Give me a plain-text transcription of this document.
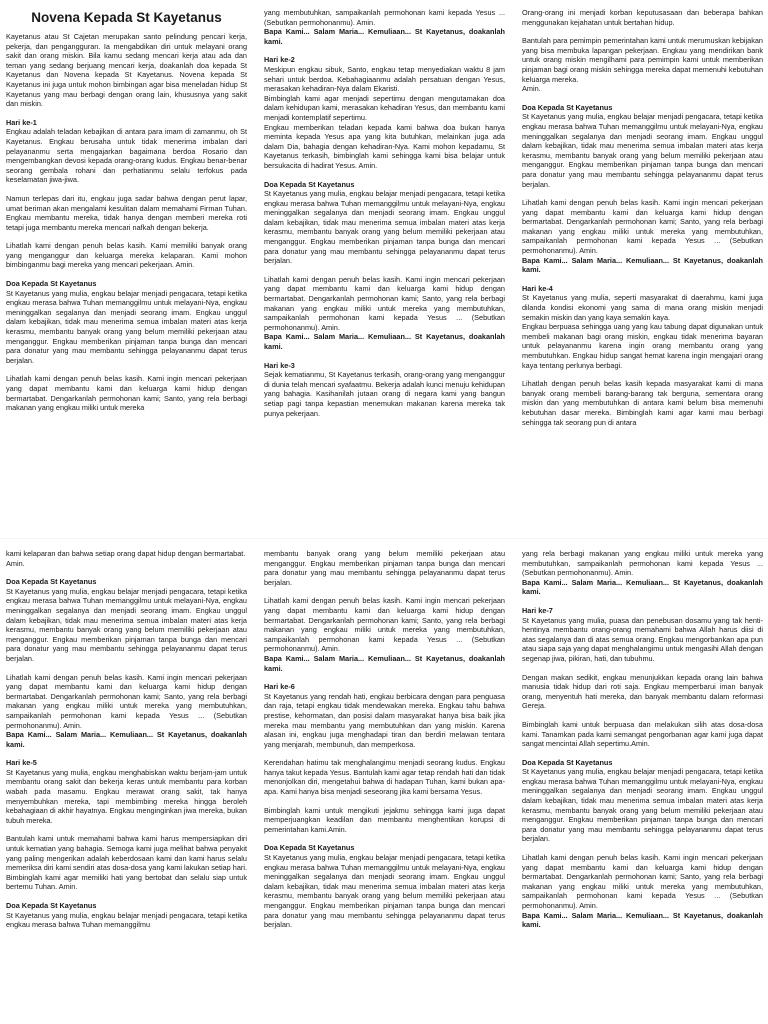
Novena Kepada St Kayetanus

Kayetanus atau St Cajetan merupakan santo pelindung pencari kerja, pekerja, dan pengangguran. Ia mengabdikan diri untuk melayani orang sakit dan orang miskin. Bila kamu sedang mencari kerja atau ada dan teman yang sedang berjuang mencari kerja, doakanlah doa kepada St Kayetanus dan Novena kepada St Kayetanus. Novena kepada St Kayetanus ini juga untuk mohon bimbingan agar bisa meneladan hidup St Kayetanus yang mau berbagi dengan orang lain, khususnya yang sakit dan miskin.

Hari ke-1

Engkau adalah teladan kebajikan di antara para imam di zamanmu, oh St Kayetanus. Engkau berusaha untuk tidak menerima imbalan dari pelayananmu serta mengajarkan bagaimana berdoa Rosario dan mengembangkan devosi kepada orang-orang kudus. Engkau benar-benar seorang gembala rohani dan perhatianmu selalu terfokus pada keselamatan jiwa-jiwa.

Namun terlepas dari itu, engkau juga sadar bahwa dengan perut lapar, umat beriman akan mengalami kesulitan dalam memahami Firman Tuhan. Engkau membantu mereka, tidak hanya dengan memberi mereka roti tetapi juga membantu mereka mencari nafkah dengan bekerja.

Lihatlah kami dengan penuh belas kasih. Kami memiliki banyak orang yang menganggur dan keluarga mereka kelaparan. Kami mohon bimbinganmu bagi mereka yang mencari pekerjaan. Amin.

Doa Kepada St Kayetanus

St Kayetanus yang mulia, engkau belajar menjadi pengacara, tetapi ketika engkau merasa bahwa Tuhan memanggilmu untuk melayani-Nya, engkau meninggalkan segalanya dan menjadi seorang imam. Engkau unggul dalam kebajikan, tidak mau menerima semua imbalan materi atas kerja kerasmu, membantu banyak orang yang belum memiliki pekerjaan atau menganggur. Engkau memberikan pinjaman tanpa bunga dan mencari para donatur yang mau membantu sehingga pelayananmu dapat terus berjalan.

Lihatlah kami dengan penuh belas kasih. Kami ingin mencari pekerjaan yang dapat membantu kami dan keluarga kami hidup dengan bermartabat. Dengarkanlah permohonan kami; Santo, yang rela berbagi makanan yang engkau miliki untuk mereka

yang membutuhkan, sampaikanlah permohonan kami kepada Yesus ... (Sebutkan permohonanmu). Amin.

Bapa Kami... Salam Maria... Kemuliaan... St Kayetanus, doakanlah kami.

Hari ke-2

Meskipun engkau sibuk, Santo, engkau tetap menyediakan waktu 8 jam sehari untuk berdoa. Kebahagiaanmu adalah persatuan dengan Yesus, merasakan kehadiran-Nya dalam Ekaristi.

Bimbinglah kami agar menjadi sepertimu dengan mengutamakan doa dalam kehidupan kami, merasakan kehadiran Yesus, dan membantu kami menjadi kontemplatif sepertimu.

Engkau memberikan teladan kepada kami bahwa doa bukan hanya meminta kepada Yesus apa yang kita butuhkan, melainkan juga ada dalam Dia, bahagia dengan kehadiran-Nya. Kami mohon kepadamu, St Kayetanus terkasih, bimbinglah kami sehingga kami bisa belajar untuk bersukacita di hadirat Yesus. Amin.

Doa Kepada St Kayetanus

St Kayetanus yang mulia, engkau belajar menjadi pengacara, tetapi ketika engkau merasa bahwa Tuhan memanggilmu untuk melayani-Nya, engkau meninggalkan segalanya dan menjadi seorang imam. Engkau unggul dalam kebajikan, tidak mau menerima semua imbalan materi atas kerja kerasmu, membantu banyak orang yang belum memiliki pekerjaan atau menganggur. Engkau memberikan pinjaman tanpa bunga dan mencari para donatur yang mau membantu sehingga pelayananmu dapat terus berjalan.

Lihatlah kami dengan penuh belas kasih. Kami ingin mencari pekerjaan yang dapat membantu kami dan keluarga kami hidup dengan bermartabat. Dengarkanlah permohonan kami; Santo, yang rela berbagi makanan yang engkau miliki untuk mereka yang membutuhkan, sampaikanlah permohonan kami kepada Yesus ... (Sebutkan permohonanmu). Amin.

Bapa Kami... Salam Maria... Kemuliaan... St Kayetanus, doakanlah kami.

Hari ke-3

Sejak kematianmu, St Kayetanus terkasih, orang-orang yang menganggur di dunia telah mencari syafaatmu. Bekerja adalah kunci menuju kehidupan yang bahagia. Kasihanilah jutaan orang di negara kami yang bangun setiap pagi tanpa kepastian menemukan makanan karena mereka tak punya pekerjaan.

Orang-orang ini menjadi korban keputusasaan dan beberapa bahkan menggunakan kejahatan untuk bertahan hidup.

Bantulah para pemimpin pemerintahan kami untuk merumuskan kebijakan yang bisa membuka lapangan pekerjaan. Engkau yang mendirikan bank untuk orang miskin mengilhami para pemimpin kami untuk memberikan pinjaman bagi orang miskin sehingga mereka dapat memenuhi kebutuhan keluarga mereka.

Amin.

Doa Kepada St Kayetanus

St Kayetanus yang mulia, engkau belajar menjadi pengacara, tetapi ketika engkau merasa bahwa Tuhan memanggilmu untuk melayani-Nya, engkau meninggalkan segalanya dan menjadi seorang imam. Engkau unggul dalam kebajikan, tidak mau menerima semua imbalan materi atas kerja kerasmu, membantu banyak orang yang belum memiliki pekerjaan atau menganggur. Engkau memberikan pinjaman tanpa bunga dan mencari para donatur yang mau membantu sehingga pelayananmu dapat terus berjalan.

Lihatlah kami dengan penuh belas kasih. Kami ingin mencari pekerjaan yang dapat membantu kami dan keluarga kami hidup dengan bermartabat. Dengarkanlah permohonan kami; Santo, yang rela berbagi makanan yang engkau miliki untuk mereka yang membutuhkan, sampaikanlah permohonan kami kepada Yesus ... (Sebutkan permohonanmu). Amin.

Bapa Kami... Salam Maria... Kemuliaan... St Kayetanus, doakanlah kami.

Hari ke-4

St Kayetanus yang mulia, seperti masyarakat di daerahmu, kami juga dilanda kondisi ekonomi yang sama di mana orang miskin menjadi semakin miskin dan yang kaya semakin kaya.

Engkau berpuasa sehingga uang yang kau tabung dapat digunakan untuk membeli makanan bagi orang miskin, engkau tidak menerima bayaran untuk pelayananmu karena ingin orang membantu orang yang membutuhkan. Engkau hidup sangat hemat karena ingin mengajari orang kaya tentang perlunya berbagi.

Lihatlah dengan penuh belas kasih kepada masyarakat kami di mana banyak orang membeli barang-barang tak berguna, sementara orang miskin dan yang membutuhkan di antara kami belum bisa memenuhi kebutuhan dasar mereka. Bimbinglah kami agar kami mau berbagi sehingga tak seorang pun di antara

kami kelaparan dan bahwa setiap orang dapat hidup dengan bermartabat.

Amin.

Doa Kepada St Kayetanus

St Kayetanus yang mulia, engkau belajar menjadi pengacara, tetapi ketika engkau merasa bahwa Tuhan memanggilmu untuk melayani-Nya, engkau meninggalkan segalanya dan menjadi seorang imam. Engkau unggul dalam kebajikan, tidak mau menerima semua imbalan materi atas kerja kerasmu, membantu banyak orang yang belum memiliki pekerjaan atau menganggur. Engkau memberikan pinjaman tanpa bunga dan mencari para donatur yang mau membantu sehingga pelayananmu dapat terus berjalan.

Lihatlah kami dengan penuh belas kasih. Kami ingin mencari pekerjaan yang dapat membantu kami dan keluarga kami hidup dengan bermartabat. Dengarkanlah permohonan kami; Santo, yang rela berbagi makanan yang engkau miliki untuk mereka yang membutuhkan, sampaikanlah permohonan kami kepada Yesus ... (Sebutkan permohonanmu). Amin.

Bapa Kami... Salam Maria... Kemuliaan... St Kayetanus, doakanlah kami.

Hari ke-5

St Kayetanus yang mulia, engkau menghabiskan waktu berjam-jam untuk membantu orang sakit dan bekerja keras untuk membantu para korban wabah pada masamu. Engkau merawat orang sakit, tak hanya menyembuhkan mereka, tapi membimbing mereka hingga beroleh kebahagiaan di akhir hayatnya. Engkau menginginkan jiwa mereka, bukan tubuh mereka.

Bantulah kami untuk memahami bahwa kami harus mempersiapkan diri untuk kematian yang bahagia. Semoga kami juga melihat bahwa penyakit yang paling mengerikan adalah keberdosaan kami dan kami harus selalu memeriksa diri kami sendiri atas dosa-dosa yang kami lakukan setiap hari. Bimbinglah kami agar memiliki hati yang bertobat dan selalu siap untuk bertemu Tuhan. Amin.

Doa Kepada St Kayetanus

St Kayetanus yang mulia, engkau belajar menjadi pengacara, tetapi ketika engkau merasa bahwa Tuhan memanggilmu

membantu banyak orang yang belum memiliki pekerjaan atau menganggur. Engkau memberikan pinjaman tanpa bunga dan mencari para donatur yang mau membantu sehingga pelayananmu dapat terus berjalan.

Lihatlah kami dengan penuh belas kasih. Kami ingin mencari pekerjaan yang dapat membantu kami dan keluarga kami hidup dengan bermartabat. Dengarkanlah permohonan kami; Santo, yang rela berbagi makanan yang engkau miliki untuk mereka yang membutuhkan, sampaikanlah permohonan kami kepada Yesus ... (Sebutkan permohonanmu). Amin.

Bapa Kami... Salam Maria... Kemuliaan... St Kayetanus, doakanlah kami.

Hari ke-6

St Kayetanus yang rendah hati, engkau berbicara dengan para penguasa dan raja, tetapi engkau tidak mendewakan mereka. Engkau tahu bahwa prestise, kehormatan, dan posisi dalam masyarakat hanya bisa baik jika mereka mau membantu yang membutuhkan dan yang miskin. Karena alasan ini, engkau juga menghadapi tiran dan berdiri melawan tentara yang menjarah, membunuh, dan memperkosa.

Kerendahan hatimu tak menghalangimu menjadi seorang kudus. Engkau hanya takut kepada Yesus. Bantulah kami agar tetap rendah hati dan tidak menonjolkan diri, mengetahui bahwa di hadapan Tuhan, kami bukan apa-apa. Kami hanya bisa menjadi seseorang jika kami bersama Yesus.

Bimbinglah kami untuk mengikuti jejakmu sehingga kami juga dapat memperjuangkan keadilan dan membantu menghentikan korupsi di pemerintahan kami.Amin.

Doa Kepada St Kayetanus

St Kayetanus yang mulia, engkau belajar menjadi pengacara, tetapi ketika engkau merasa bahwa Tuhan memanggilmu untuk melayani-Nya, engkau meninggalkan segalanya dan menjadi seorang imam. Engkau unggul dalam kebajikan, tidak mau menerima semua imbalan materi atas kerja kerasmu, membantu banyak orang yang belum memiliki pekerjaan atau menganggur. Engkau memberikan pinjaman tanpa bunga dan mencari para donatur yang mau membantu sehingga pelayananmu dapat terus berjalan.

yang rela berbagi makanan yang engkau miliki untuk mereka yang membutuhkan, sampaikanlah permohonan kami kepada Yesus ... (Sebutkan permohonanmu). Amin.

Bapa Kami... Salam Maria... Kemuliaan... St Kayetanus, doakanlah kami.

Hari ke-7

St Kayetanus yang mulia, puasa dan penebusan dosamu yang tak henti-hentinya membantu orang-orang memahami bahwa Allah harus diisi di atas segalanya dan di atas semua orang. Engkau mengorbankan apa pun atau siapa saja yang dapat menghalangimu untuk mengasihi Allah dengan segenap jiwa, pikiran, hati, dan tubuhmu.

Dengan makan sedikit, engkau menunjukkan kepada orang lain bahwa manusia tidak hidup dari roti saja. Engkau memperbarui iman banyak orang, menyentuh hati mereka, dan banyak membantu dalam reformasi Gereja.

Bimbinglah kami untuk berpuasa dan melakukan silih atas dosa-dosa kami. Tanamkan pada kami semangat pengorbanan agar kami juga dapat sangat mencintai Allah sepertimu.Amin.

Doa Kepada St Kayetanus

St Kayetanus yang mulia, engkau belajar menjadi pengacara, tetapi ketika engkau merasa bahwa Tuhan memanggilmu untuk melayani-Nya, engkau meninggalkan segalanya dan menjadi seorang imam. Engkau unggul dalam kebajikan, tidak mau menerima semua imbalan materi atas kerja kerasmu, membantu banyak orang yang belum memiliki pekerjaan atau menganggur. Engkau memberikan pinjaman tanpa bunga dan mencari para donatur yang mau membantu sehingga pelayananmu dapat terus berjalan.

Lihatlah kami dengan penuh belas kasih. Kami ingin mencari pekerjaan yang dapat membantu kami dan keluarga kami hidup dengan bermartabat. Dengarkanlah permohonan kami; Santo, yang rela berbagi makanan yang engkau miliki untuk mereka yang membutuhkan, sampaikanlah permohonan kami kepada Yesus ... (Sebutkan permohonanmu). Amin.

Bapa Kami... Salam Maria... Kemuliaan... St Kayetanus, doakanlah kami.
